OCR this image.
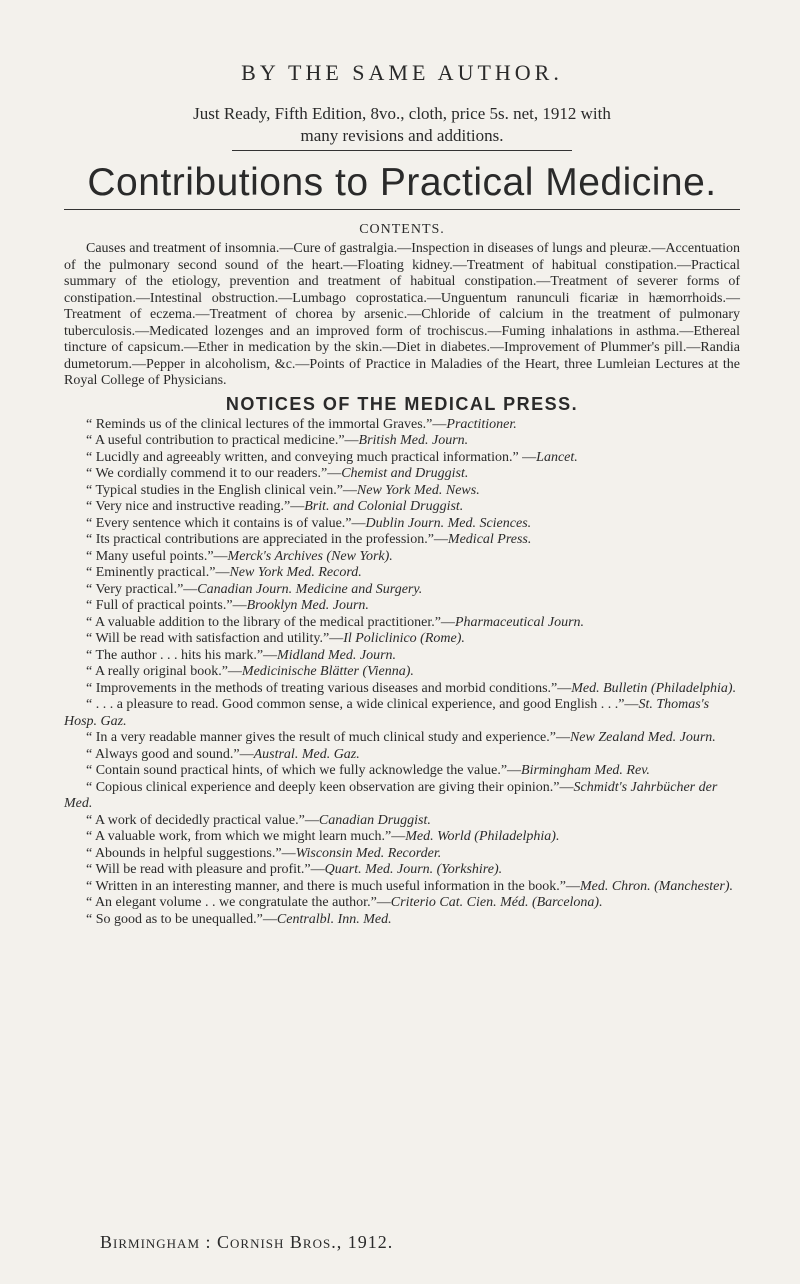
BY THE SAME AUTHOR.
Just Ready, Fifth Edition, 8vo., cloth, price 5s. net, 1912 with
many revisions and additions.
Contributions to Practical Medicine.
CONTENTS.
Causes and treatment of insomnia.—Cure of gastralgia.—Inspection in diseases of lungs and pleuræ.—Accentuation of the pulmonary second sound of the heart.—Floating kidney.—Treatment of habitual constipation.—Practical summary of the etiology, prevention and treatment of habitual constipation.—Treatment of severer forms of constipation.—Intestinal obstruction.—Lumbago coprostatica.—Unguentum ranunculi ficariæ in hæmorrhoids.—Treatment of eczema.—Treatment of chorea by arsenic.—Chloride of calcium in the treatment of pulmonary tuberculosis.—Medicated lozenges and an improved form of trochiscus.—Fuming inhalations in asthma.—Ethereal tincture of capsicum.—Ether in medication by the skin.—Diet in diabetes.—Improvement of Plummer's pill.—Randia dumetorum.—Pepper in alcoholism, &c.—Points of Practice in Maladies of the Heart, three Lumleian Lectures at the Royal College of Physicians.
NOTICES OF THE MEDICAL PRESS.
“ Reminds us of the clinical lectures of the immortal Graves.”—Practitioner.
“ A useful contribution to practical medicine.”—British Med. Journ.
“ Lucidly and agreeably written, and conveying much practical information.” —Lancet.
“ We cordially commend it to our readers.”—Chemist and Druggist.
“ Typical studies in the English clinical vein.”—New York Med. News.
“ Very nice and instructive reading.”—Brit. and Colonial Druggist.
“ Every sentence which it contains is of value.”—Dublin Journ. Med. Sciences.
“ Its practical contributions are appreciated in the profession.”—Medical Press.
“ Many useful points.”—Merck's Archives (New York).
“ Eminently practical.”—New York Med. Record.
“ Very practical.”—Canadian Journ. Medicine and Surgery.
“ Full of practical points.”—Brooklyn Med. Journ.
“ A valuable addition to the library of the medical practitioner.”—Pharmaceutical Journ.
“ Will be read with satisfaction and utility.”—Il Policlinico (Rome).
“ The author . . . hits his mark.”—Midland Med. Journ.
“ A really original book.”—Medicinische Blätter (Vienna).
“ Improvements in the methods of treating various diseases and morbid conditions.”—Med. Bulletin (Philadelphia).
“ . . . a pleasure to read. Good common sense, a wide clinical experience, and good English . . .”—St. Thomas's Hosp. Gaz.
“ In a very readable manner gives the result of much clinical study and experience.”—New Zealand Med. Journ.
“ Always good and sound.”—Austral. Med. Gaz.
“ Contain sound practical hints, of which we fully acknowledge the value.”—Birmingham Med. Rev.
“ Copious clinical experience and deeply keen observation are giving their opinion.”—Schmidt's Jahrbücher der Med.
“ A work of decidedly practical value.”—Canadian Druggist.
“ A valuable work, from which we might learn much.”—Med. World (Philadelphia).
“ Abounds in helpful suggestions.”—Wisconsin Med. Recorder.
“ Will be read with pleasure and profit.”—Quart. Med. Journ. (Yorkshire).
“ Written in an interesting manner, and there is much useful information in the book.”—Med. Chron. (Manchester).
“ An elegant volume . . we congratulate the author.”—Criterio Cat. Cien. Méd. (Barcelona).
“ So good as to be unequalled.”—Centralbl. Inn. Med.
Birmingham : Cornish Bros., 1912.
